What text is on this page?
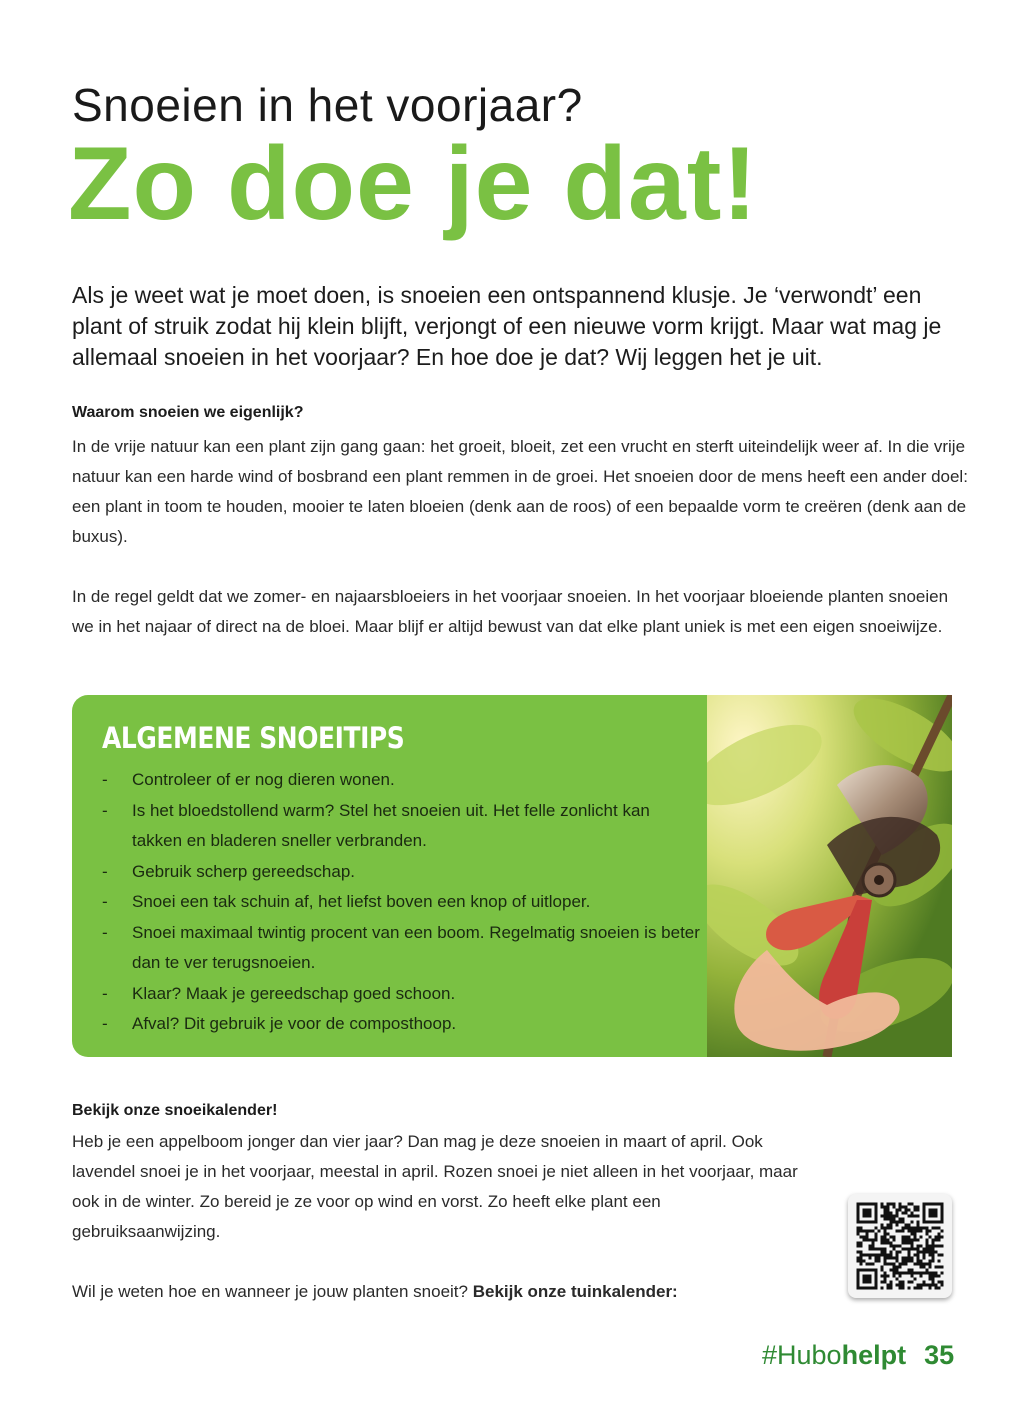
Snoeien in het voorjaar?
Zo doe je dat!

Als je weet wat je moet doen, is snoeien een ontspannend klusje. Je ‘verwondt’ een plant of struik zodat hij klein blijft, verjongt of een nieuwe vorm krijgt. Maar wat mag je allemaal snoeien in het voorjaar? En hoe doe je dat? Wij leggen het je uit.

Waarom snoeien we eigenlijk?

In de vrije natuur kan een plant zijn gang gaan: het groeit, bloeit, zet een vrucht en sterft uiteindelijk weer af. In die vrije natuur kan een harde wind of bosbrand een plant remmen in de groei. Het snoeien door de mens heeft een ander doel: een plant in toom te houden, mooier te laten bloeien (denk aan de roos) of een bepaalde vorm te creëren (denk aan de buxus).

In de regel geldt dat we zomer- en najaarsbloeiers in het voorjaar snoeien. In het voorjaar bloeiende planten snoeien we in het najaar of direct na de bloei. Maar blijf er altijd bewust van dat elke plant uniek is met een eigen snoeiwijze.

ALGEMENE SNOEITIPS
- Controleer of er nog dieren wonen.
- Is het bloedstollend warm? Stel het snoeien uit. Het felle zonlicht kan takken en bladeren sneller verbranden.
- Gebruik scherp gereedschap.
- Snoei een tak schuin af, het liefst boven een knop of uitloper.
- Snoei maximaal twintig procent van een boom. Regelmatig snoeien is beter dan te ver terugsnoeien.
- Klaar? Maak je gereedschap goed schoon.
- Afval? Dit gebruik je voor de composthoop.
Bekijk onze snoeikalender!

Heb je een appelboom jonger dan vier jaar? Dan mag je deze snoeien in maart of april. Ook lavendel snoei je in het voorjaar, meestal in april. Rozen snoei je niet alleen in het voorjaar, maar ook in de winter. Zo bereid je ze voor op wind en vorst. Zo heeft elke plant een gebruiksaanwijzing.

Wil je weten hoe en wanneer je jouw planten snoeit? Bekijk onze tuinkalender:

#Hubohelpt 35
